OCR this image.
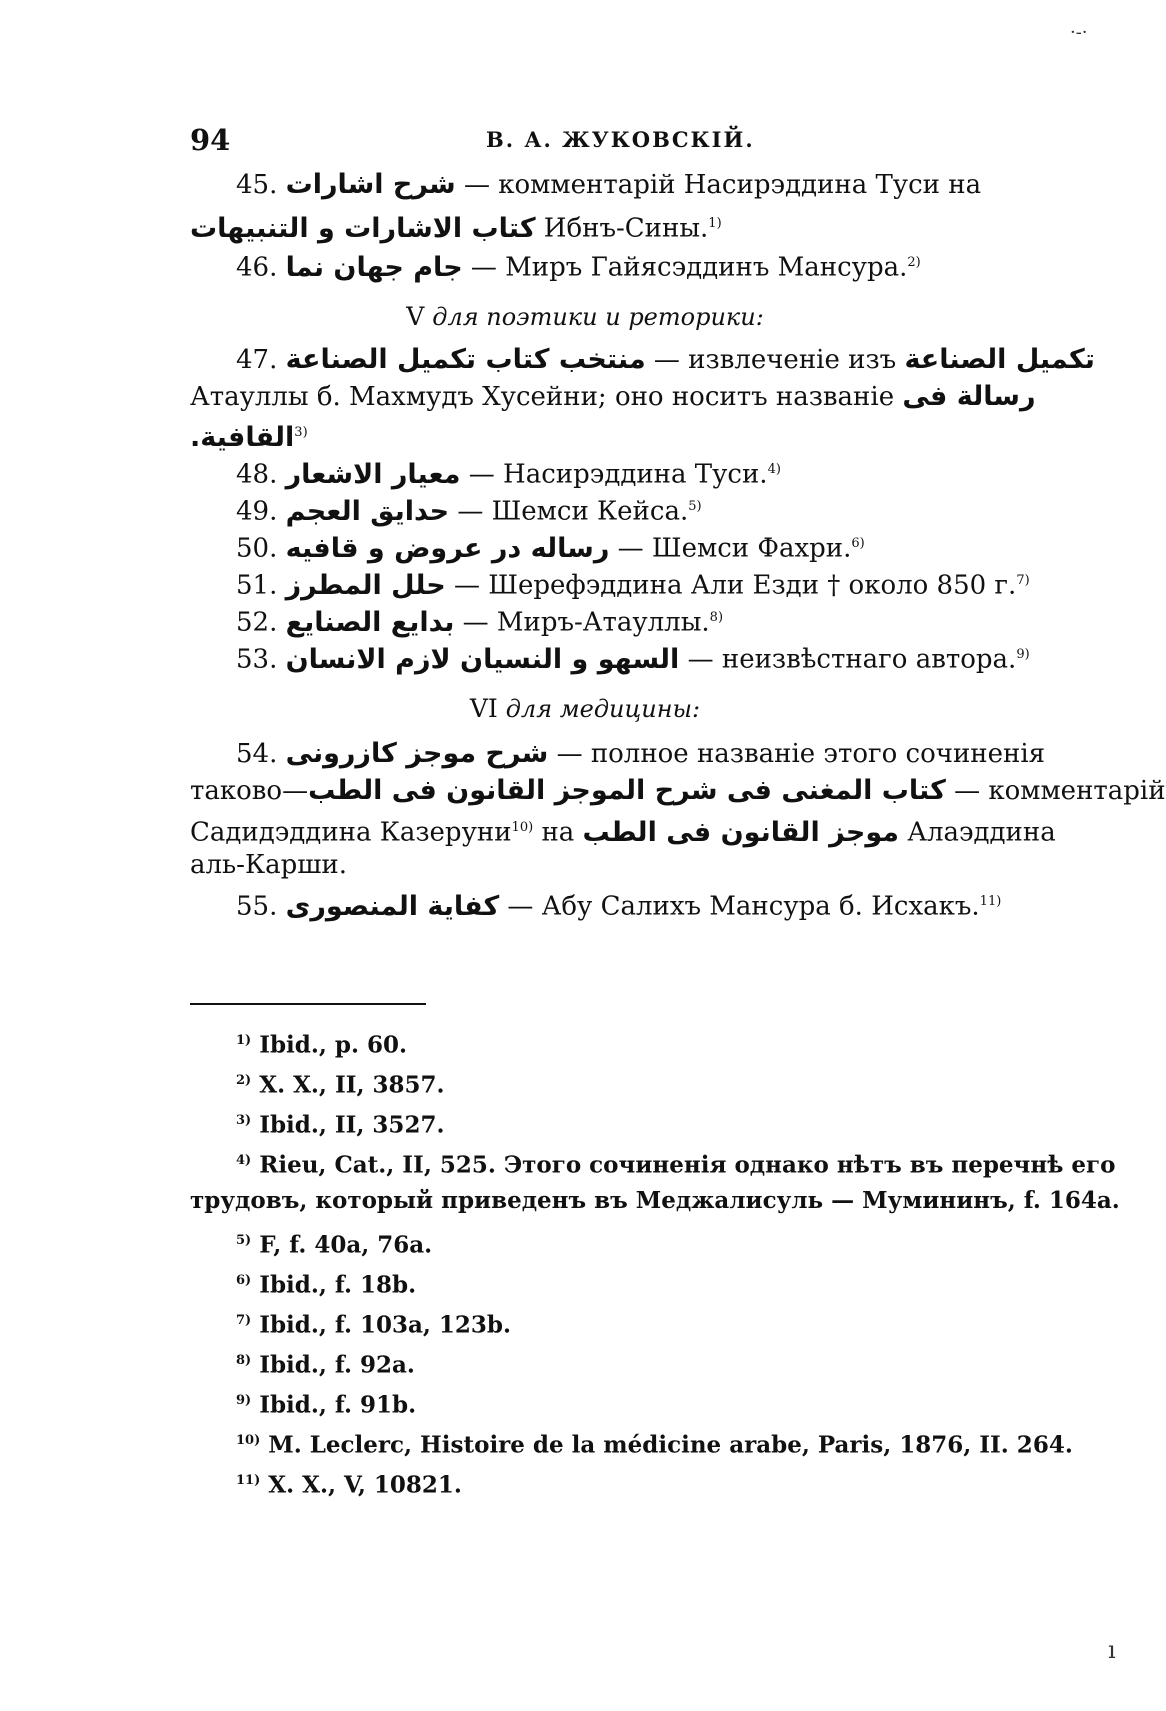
94	В. А. ЖУКОВСКІЙ.
45. شرح اشارات — комментарій Насирэддина Туси на
كتاب الاشارات و التنبيهات Ибнъ-Сины.$^{1)}$
46. جام جهان نما — Миръ Гайясэддинъ Мансура.$^{2)}$
V для поэтики и реторики:
47. منتخب كتاب تكميل الصناعة — извлеченіе изъ تكميل الصناعة
Атауллы б. Махмудъ Хусейни; оно носитъ названіе رسالة فى
القافية.$^{3)}$
48. معيار الاشعار — Насирэддина Туси.$^{4)}$
49. حدايق العجم — Шемси Кейса.$^{5)}$
50. رساله در عروض و قافيه — Шемси Фахри.$^{6)}$
51. حلل المطرز — Шерефэддина Али Езди † около 850 г.$^{7)}$
52. بدايع الصنايع — Миръ-Атауллы.$^{8)}$
53. السهو و النسيان لازم الانسان — неизвѣстнаго автора.$^{9)}$
VI для медицины:
54. شرح موجز كازرونى — полное названіе этого сочиненія
таково—كتاب المغنى فى شرح الموجز القانون فى الطب — комментарій
Садидэддина Казеруни$^{10)}$ на موجز القانون فى الطب Алаэддина
аль-Карши.
55. كفاية المنصورى — Абу Салихъ Мансура б. Исхакъ.$^{11)}$
$^{1)}$ Ibid., p. 60.
$^{2)}$ Х. Х., II, 3857.
$^{3)}$ Ibid., II, 3527.
$^{4)}$ Rieu, Cat., II, 525. Этого сочиненія однако нѣтъ въ перечнѣ его
трудовъ, который приведенъ въ Меджалисуль — Мумининъ, f. 164a.
$^{5)}$ F, f. 40a, 76a.
$^{6)}$ Ibid., f. 18b.
$^{7)}$ Ibid., f. 103a, 123b.
$^{8)}$ Ibid., f. 92a.
$^{9)}$ Ibid., f. 91b.
$^{10)}$ M. Leclerc, Histoire de la médicine arabe, Paris, 1876, II. 264.
$^{11)}$ Х. Х., V, 10821.
·-·
ı
